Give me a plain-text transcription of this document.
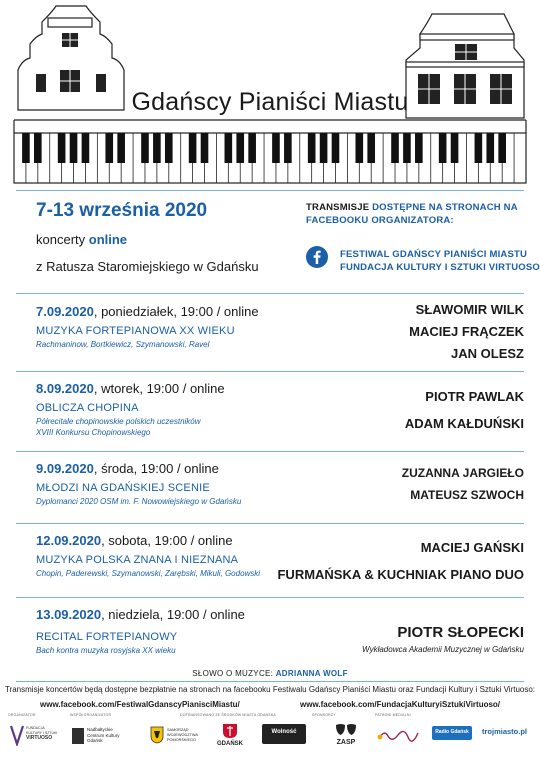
Gdańscy Pianiści Miastu
7-13 września 2020
koncerty online
z Ratusza Staromiejskiego w Gdańsku
TRANSMISJE DOSTĘPNE NA STRONACH NA
FACEBOOKU ORGANIZATORA:
FESTIWAL GDAŃSCY PIANIŚCI MIASTU
FUNDACJA KULTURY I SZTUKI VIRTUOSO
7.09.2020, poniedziałek, 19:00 / online
MUZYKA FORTEPIANOWA XX WIEKU
Rachmaninow, Bortkiewicz, Szymanowski, Ravel
SŁAWOMIR WILK
MACIEJ FRĄCZEK
JAN OLESZ
8.09.2020, wtorek, 19:00 / online
OBLICZA CHOPINA
Półrecitale chopinowskie polskich uczestników
XVIII Konkursu Chopinowskiego
PIOTR PAWLAK
ADAM KAŁDUŃSKI
9.09.2020, środa, 19:00 / online
MŁODZI NA GDAŃSKIEJ SCENIE
Dyplomanci 2020 OSM im. F. Nowowiejskiego w Gdańsku
ZUZANNA JARGIEŁO
MATEUSZ SZWOCH
12.09.2020, sobota, 19:00 / online
MUZYKA POLSKA ZNANA I NIEZNANA
Chopin, Paderewski, Szymanowski, Zarębski, Mikuli, Godowski
MACIEJ GAŃSKI
FURMAŃSKA & KUCHNIAK PIANO DUO
13.09.2020, niedziela, 19:00 / online
RECITAL FORTEPIANOWY
Bach kontra muzyka rosyjska XX wieku
PIOTR SŁOPECKI
Wykładowca Akademii Muzycznej w Gdańsku
SŁOWO O MUZYCE: ADRIANNA WOLF
Transmisje koncertów będą dostępne bezpłatnie na stronach na facebooku Festiwalu Gdańscy Pianiści Miastu oraz Fundacji Kultury i Sztuki Virtuoso:
www.facebook.com/FestiwalGdanscyPianisciMiastu/	www.facebook.com/FundacjaKulturyiSztukiVirtuoso/
ORGANIZATOR	WSPÓŁORGANIZATOR	DOFINANSOWANO ZE ŚRODKÓW MIASTA GDAŃSKA	SPONSORZY	PATRONI MEDIALNI
FUNDACJA
KULTURY I SZTUKI
VIRTUOSO
Nadbałtyckie
Centrum Kultury
Gdańsk
SAMORZĄD
WOJEWÓDZTWA
POMORSKIEGO
GDAŃSK
Wolność
ZASP
Radio Gdańsk	trojmiasto.pl
